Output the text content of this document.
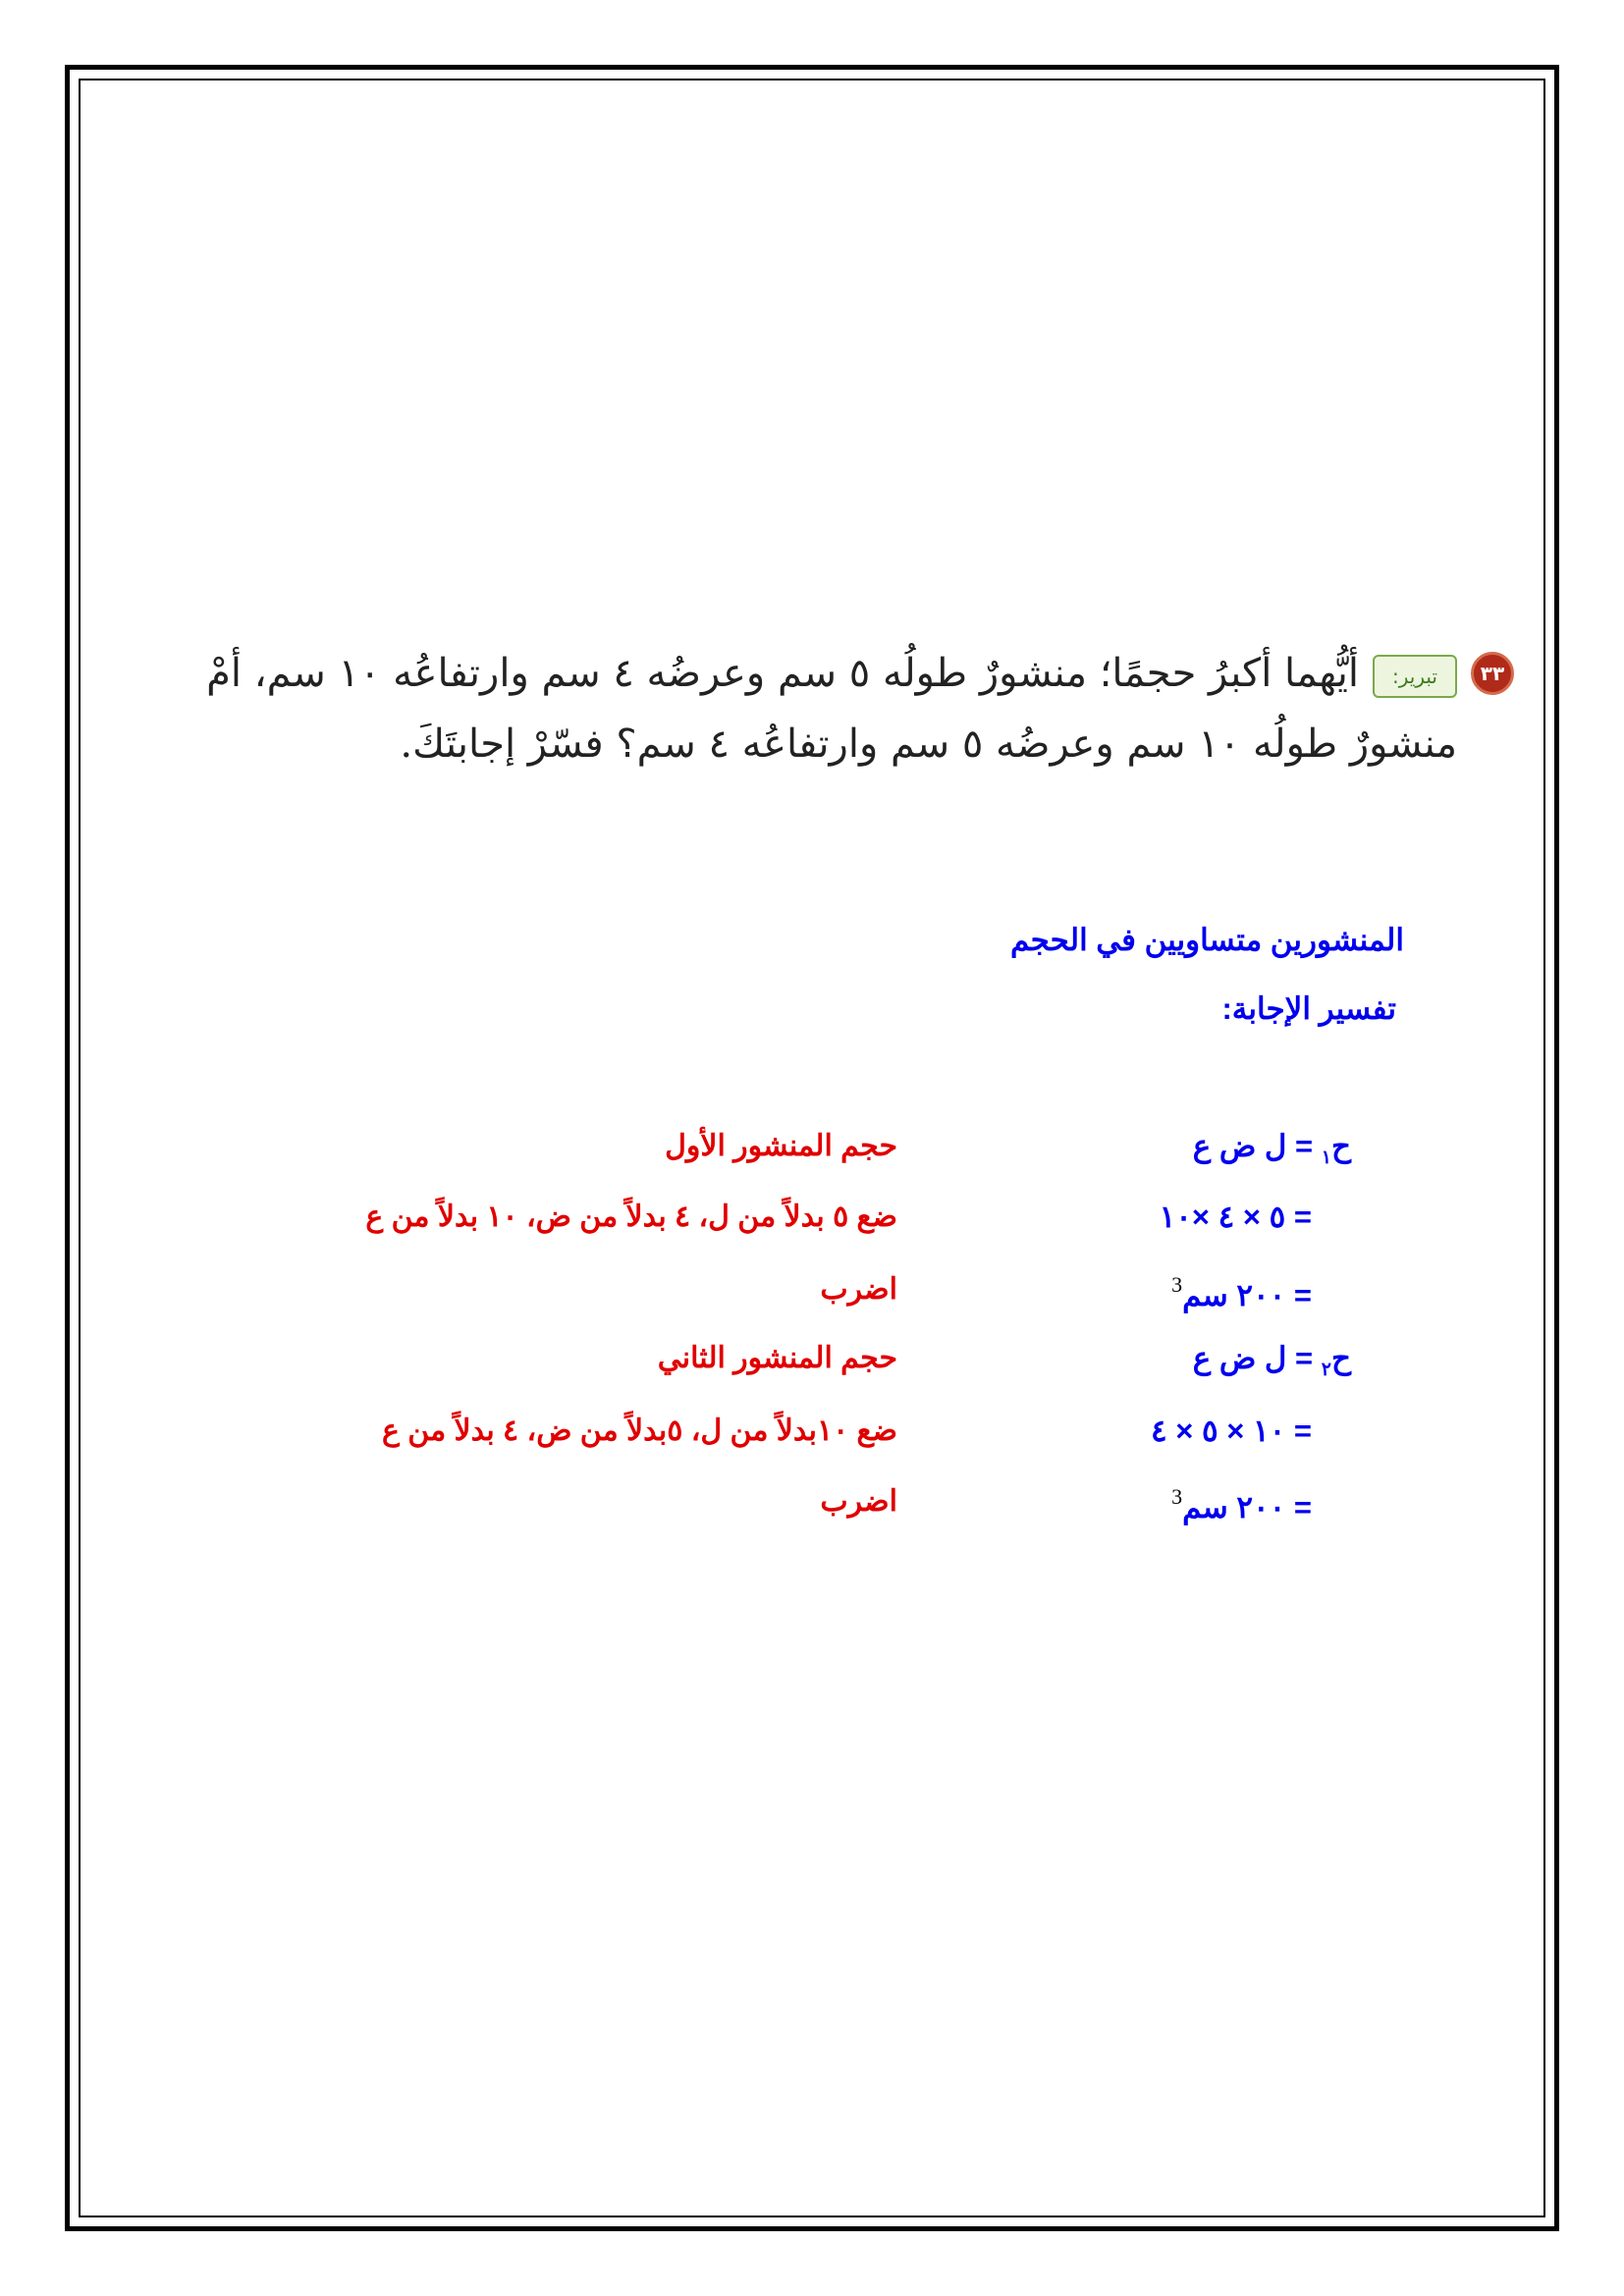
٣٣
تبرير:أيُّهما أكبرُ حجمًا؛ منشورٌ طولُه ٥ سم وعرضُه ٤ سم وارتفاعُه ١٠ سم، أمْ منشورٌ طولُه ١٠ سم وعرضُه ٥ سم وارتفاعُه ٤ سم؟ فسّرْ إجابتَكَ.
المنشورين متساويين في الحجم
تفسير الإجابة:
ح$_١$ = ل ض ع
حجم المنشور الأول
= ٥ × ٤ ×١٠
ضع ٥ بدلاً من ل، ٤ بدلاً من ض، ١٠ بدلاً من ع
= ٢٠٠ سم$^3$
اضرب
ح$_٢$ = ل ض ع
حجم المنشور الثاني
= ١٠ × ٥ × ٤
ضع ١٠بدلاً من ل، ٥بدلاً من ض، ٤ بدلاً من ع
= ٢٠٠ سم$^3$
اضرب
